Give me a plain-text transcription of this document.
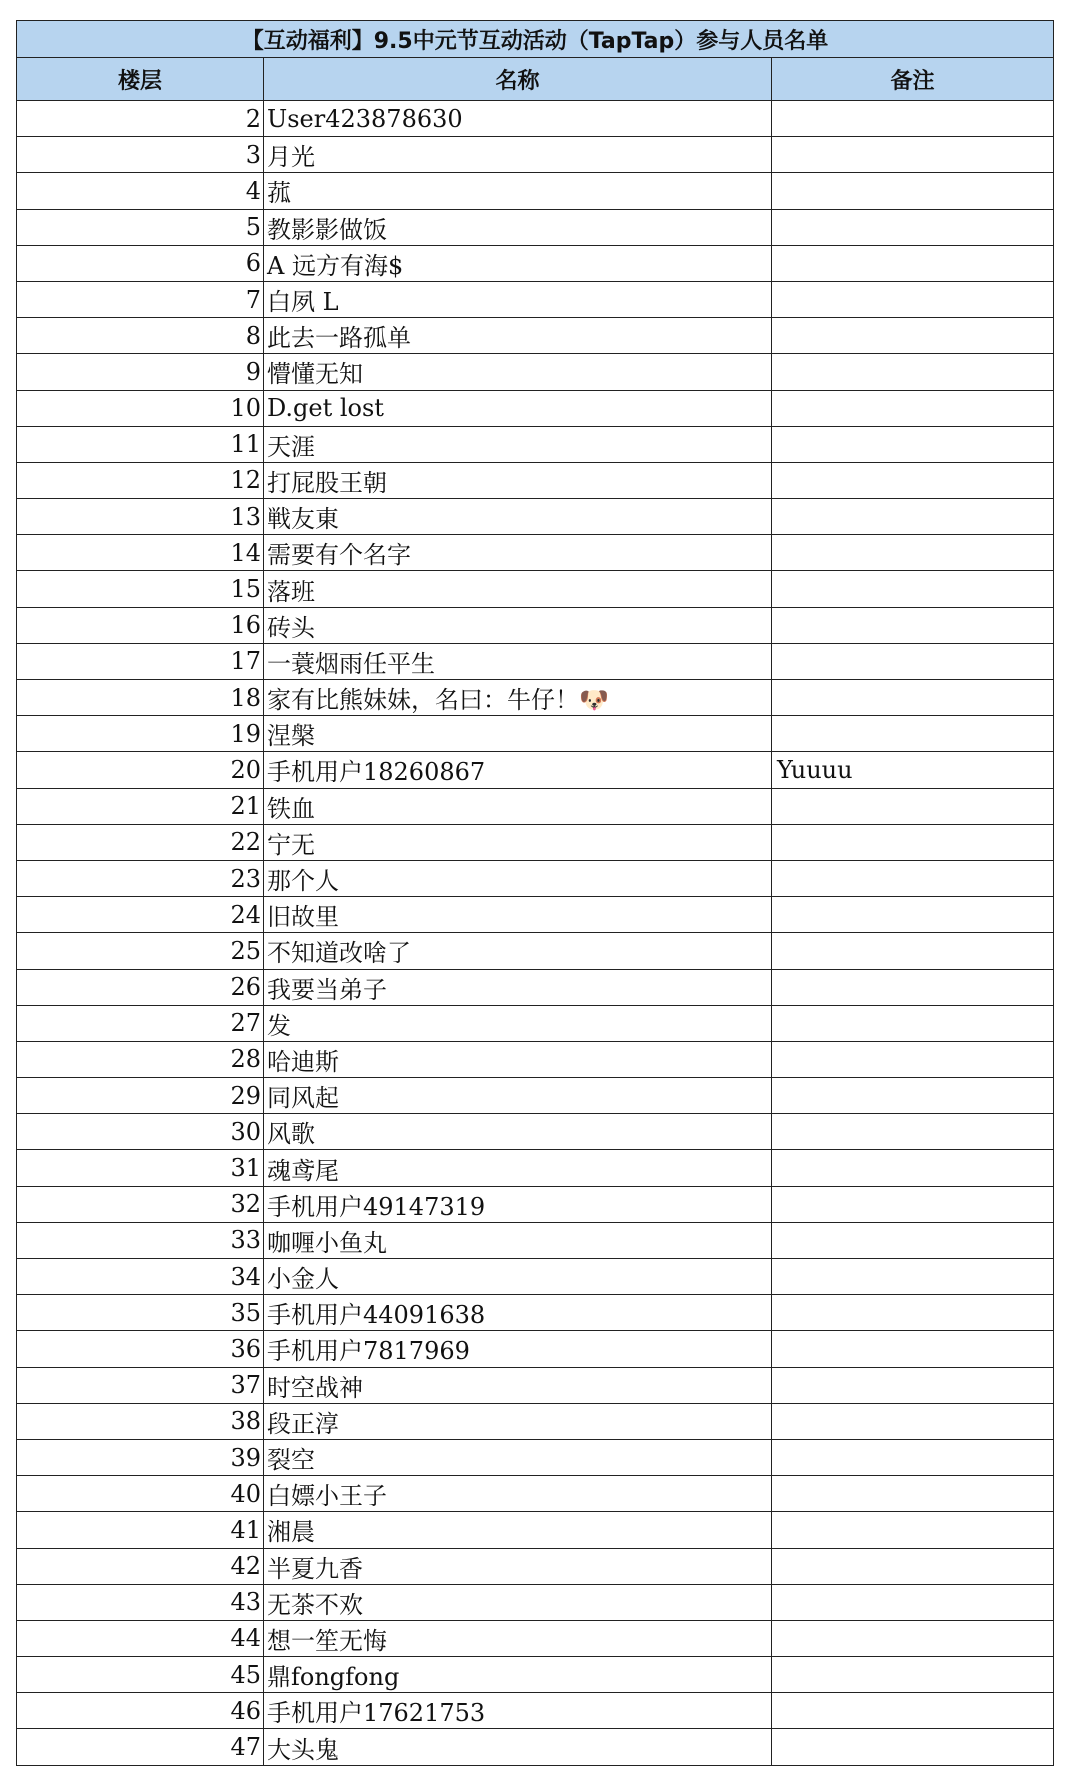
【互动福利】9.5中元节互动活动（TapTap）参与人员名单		
楼层	名称	备注
2	User423878630	
3	月光	
4	菰	
5	教影影做饭	
6	A 远方有海$	
7	白夙 L	
8	此去一路孤单	
9	懵懂无知	
10	D.get lost	
11	天涯	
12	打屁股王朝	
13	戦友東	
14	需要有个名字	
15	落班	
16	砖头	
17	一蓑烟雨任平生	
18	家有比熊妹妹，名曰：牛仔！🐶	
19	涅槃	
20	手机用户18260867	Yuuuu
21	铁血	
22	宁无	
23	那个人	
24	旧故里	
25	不知道改啥了	
26	我要当弟子	
27	发	
28	哈迪斯	
29	同风起	
30	风歌	
31	魂鸢尾	
32	手机用户49147319	
33	咖喱小鱼丸	
34	小金人	
35	手机用户44091638	
36	手机用户7817969	
37	时空战神	
38	段正淳	
39	裂空	
40	白嫖小王子	
41	湘晨	
42	半夏九香	
43	无茶不欢	
44	想一笙无悔	
45	鼎fongfong	
46	手机用户17621753	
47	大头鬼	
